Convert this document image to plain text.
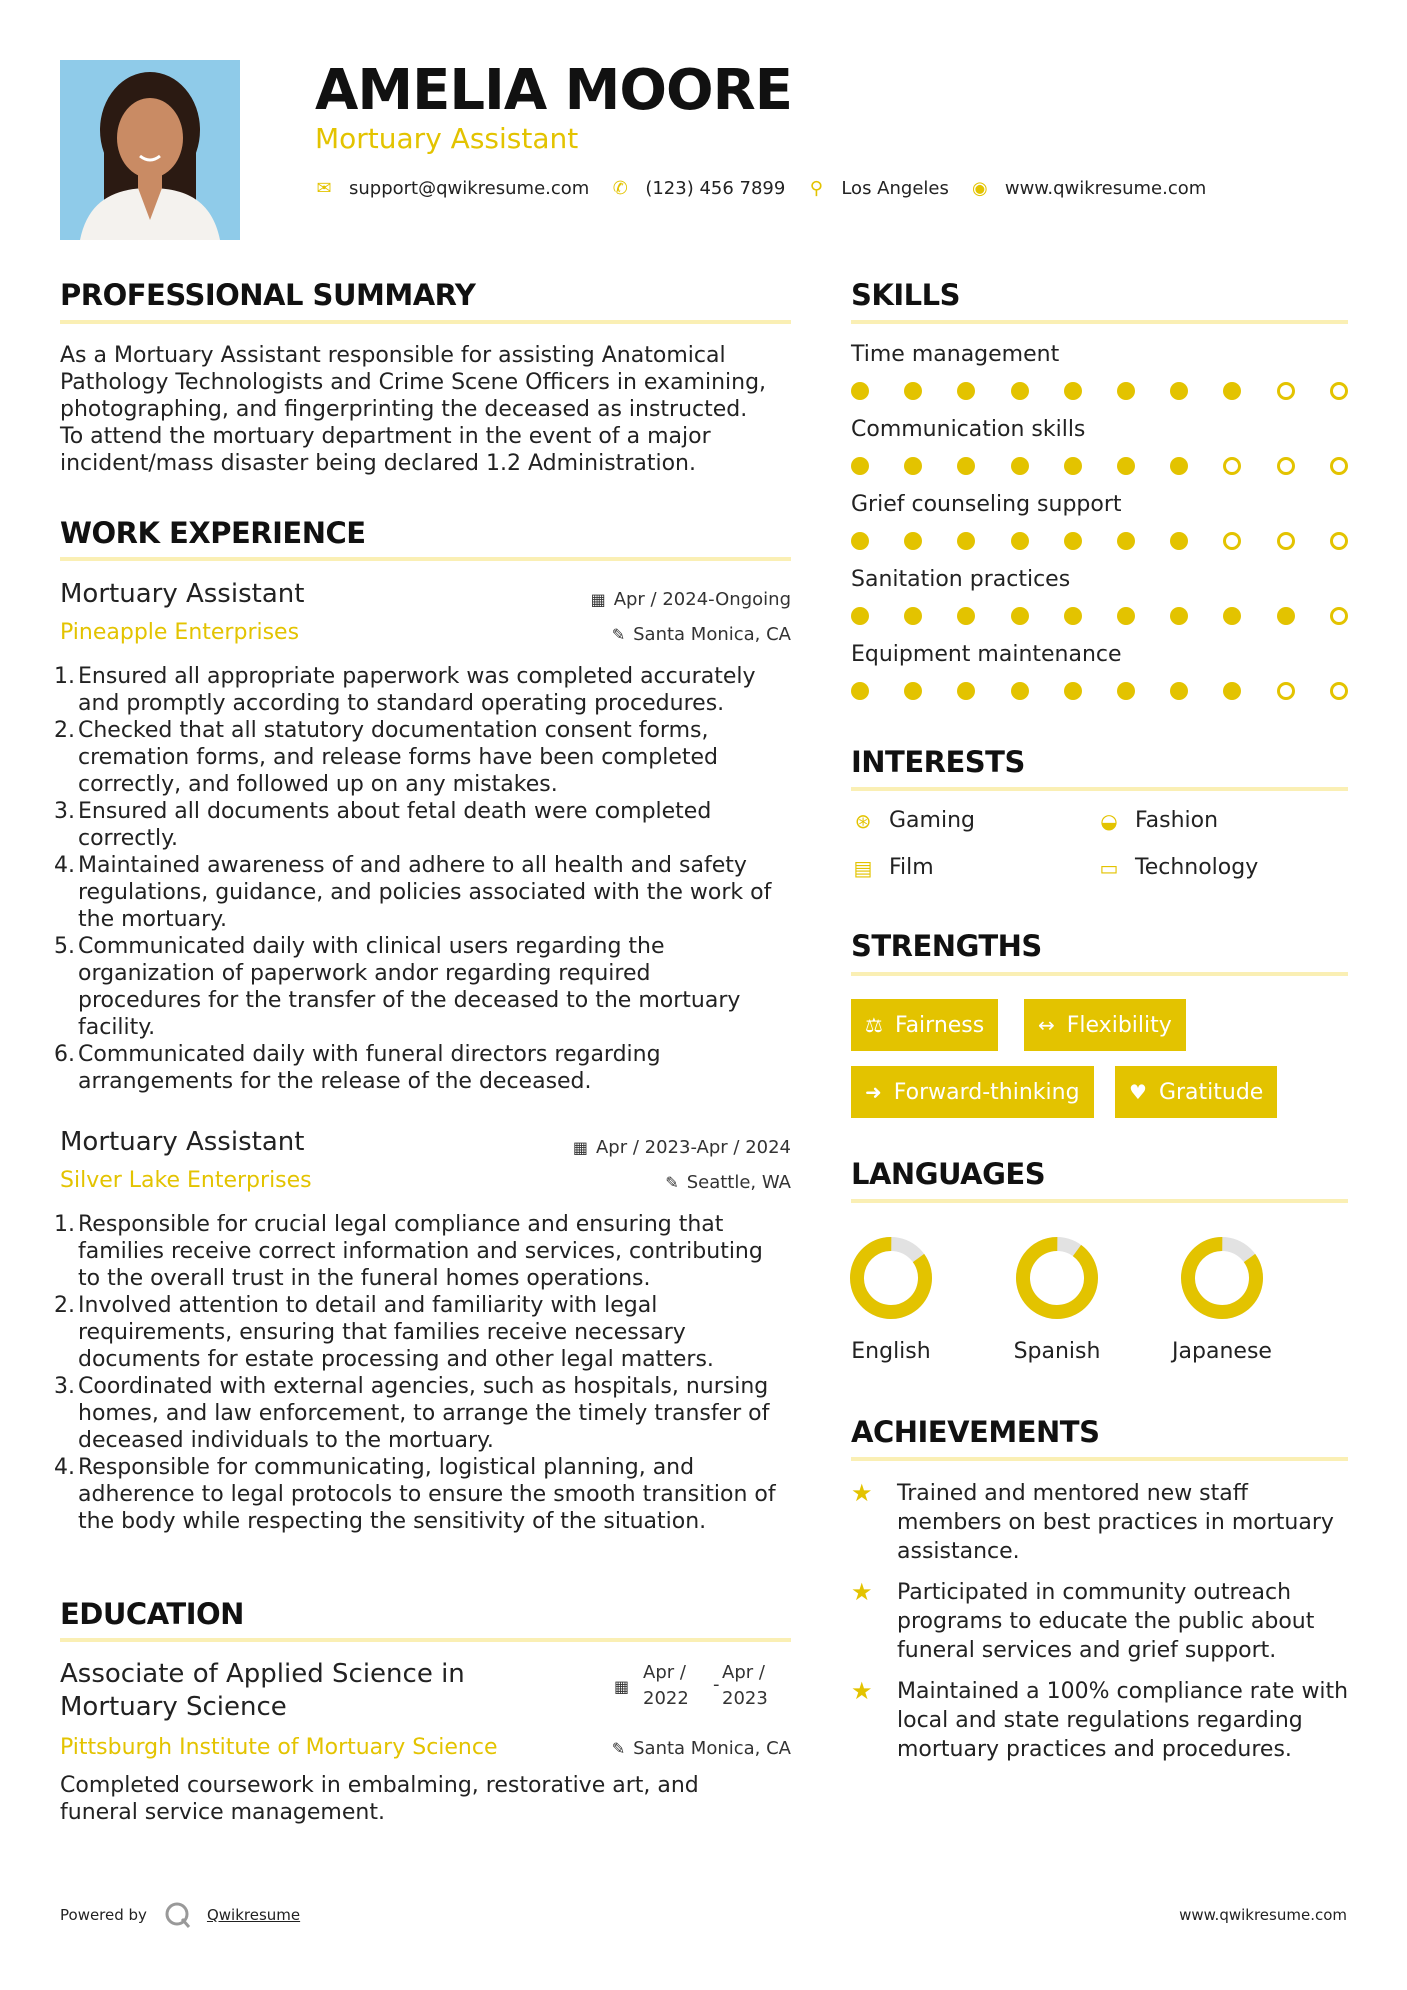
AMELIA MOORE
Mortuary Assistant
✉ support@qwikresume.com ✆ (123) 456 7899 ⚲ Los Angeles ◉ www.qwikresume.com
PROFESSIONAL SUMMARY
As a Mortuary Assistant responsible for assisting Anatomical
Pathology Technologists and Crime Scene Officers in examining,
photographing, and fingerprinting the deceased as instructed.
To attend the mortuary department in the event of a major
incident/mass disaster being declared 1.2 Administration.
WORK EXPERIENCE
Mortuary Assistant	▦ Apr / 2024-Ongoing
Pineapple Enterprises	✎ Santa Monica, CA
1. Ensured all appropriate paperwork was completed accurately
and promptly according to standard operating procedures.
2. Checked that all statutory documentation consent forms,
cremation forms, and release forms have been completed
correctly, and followed up on any mistakes.
3. Ensured all documents about fetal death were completed
correctly.
4. Maintained awareness of and adhere to all health and safety
regulations, guidance, and policies associated with the work of
the mortuary.
5. Communicated daily with clinical users regarding the
organization of paperwork andor regarding required
procedures for the transfer of the deceased to the mortuary
facility.
6. Communicated daily with funeral directors regarding
arrangements for the release of the deceased.
Mortuary Assistant	▦ Apr / 2023-Apr / 2024
Silver Lake Enterprises	✎ Seattle, WA
1. Responsible for crucial legal compliance and ensuring that
families receive correct information and services, contributing
to the overall trust in the funeral homes operations.
2. Involved attention to detail and familiarity with legal
requirements, ensuring that families receive necessary
documents for estate processing and other legal matters.
3. Coordinated with external agencies, such as hospitals, nursing
homes, and law enforcement, to arrange the timely transfer of
deceased individuals to the mortuary.
4. Responsible for communicating, logistical planning, and
adherence to legal protocols to ensure the smooth transition of
the body while respecting the sensitivity of the situation.
EDUCATION
Associate of Applied Science in
Mortuary Science
▦
Apr /
2022
-
Apr /
2023
Pittsburgh Institute of Mortuary Science	✎ Santa Monica, CA
Completed coursework in embalming, restorative art, and
funeral service management.
SKILLS
Time management
Communication skills
Grief counseling support
Sanitation practices
Equipment maintenance
INTERESTS
⊛ Gaming	◒ Fashion
▤ Film	▭ Technology
STRENGTHS
⚖ Fairness	↔ Flexibility
➜ Forward-thinking ♥ Gratitude
LANGUAGES
English	Spanish	Japanese
ACHIEVEMENTS
★	Trained and mentored new staff
members on best practices in mortuary
assistance.
★	Participated in community outreach
programs to educate the public about
funeral services and grief support.
★	Maintained a 100% compliance rate with
local and state regulations regarding
mortuary practices and procedures.
Powered by	Qwikresume	www.qwikresume.com
